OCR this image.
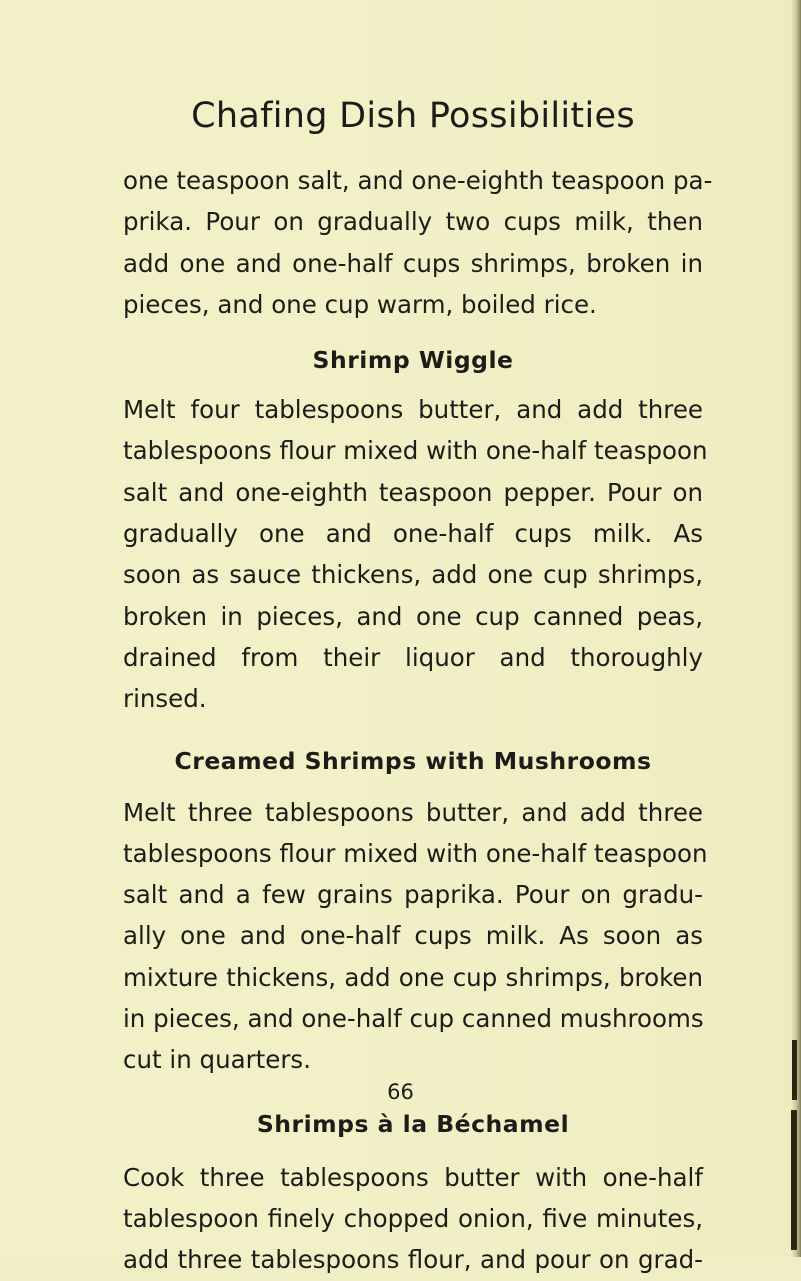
Chafing Dish Possibilities

one teaspoon salt, and one-eighth teaspoon pa-
prika. Pour on gradually two cups milk, then
add one and one-half cups shrimps, broken in
pieces, and one cup warm, boiled rice.

Shrimp Wiggle

Melt four tablespoons butter, and add three
tablespoons flour mixed with one-half teaspoon
salt and one-eighth teaspoon pepper. Pour on
gradually one and one-half cups milk. As
soon as sauce thickens, add one cup shrimps,
broken in pieces, and one cup canned peas,
drained from their liquor and thoroughly
rinsed.

Creamed Shrimps with Mushrooms

Melt three tablespoons butter, and add three
tablespoons flour mixed with one-half teaspoon
salt and a few grains paprika. Pour on gradu-
ally one and one-half cups milk. As soon as
mixture thickens, add one cup shrimps, broken
in pieces, and one-half cup canned mushrooms
cut in quarters.

Shrimps à la Béchamel

Cook three tablespoons butter with one-half
tablespoon finely chopped onion, five minutes,
add three tablespoons flour, and pour on grad-

66
